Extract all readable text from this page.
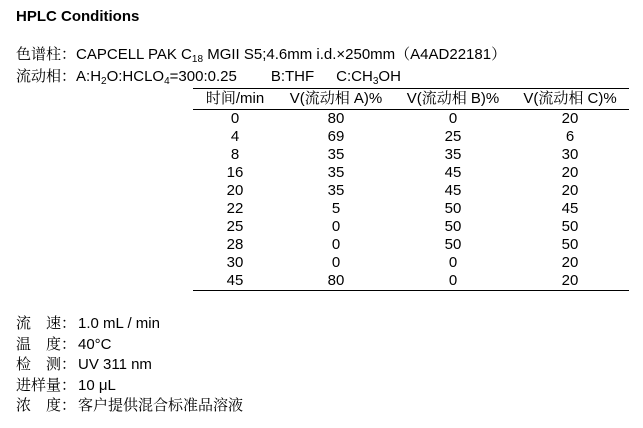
HPLC Conditions
色谱柱：CAPCELL PAK $C_{18}$ MGII S5;4.6mm i.d.×250mm（A4AD22181）
流动相：$A:H_2O:HCLO_4=300:0.25$ B:THF $C:CH_3OH$
时间/min	V(流动相 A)%	V(流动相 B)%	V(流动相 C)%
0	80	0	20
4	69	25	6
8	35	35	30
16	35	45	20
20	35	45	20
22	5	50	45
25	0	50	50
28	0	50	50
30	0	0	20
45	80	0	20
流　速： 1.0 mL / min
温　度： 40°C
检　测： UV 311 nm
进样量： 10 μL
浓　度： 客户提供混合标准品溶液
